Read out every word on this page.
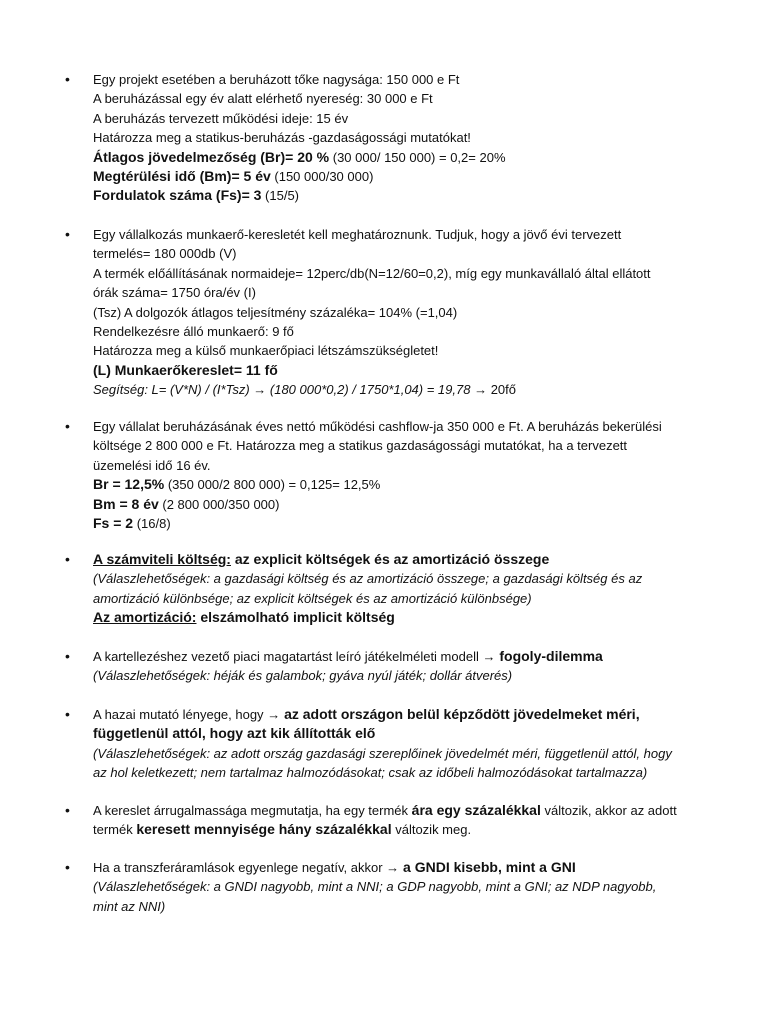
• Egy projekt esetében a beruházott tőke nagysága: 150 000 e Ft
A beruházással egy év alatt elérhető nyereség: 30 000 e Ft
A beruházás tervezett működési ideje: 15 év
Határozza meg a statikus-beruházás -gazdaságossági mutatókat!
Átlagos jövedelmezőség (Br)= 20 % (30 000/ 150 000) = 0,2= 20%
Megtérülési idő (Bm)= 5 év (150 000/30 000)
Fordulatok száma (Fs)= 3 (15/5)
• Egy vállalkozás munkaerő-keresletét kell meghatároznunk. Tudjuk, hogy a jövő évi tervezett
termelés= 180 000db (V)
A termék előállításának normaideje= 12perc/db(N=12/60=0,2), míg egy munkavállaló által ellátott
órák száma= 1750 óra/év (I)
(Tsz) A dolgozók átlagos teljesítmény százaléka= 104% (=1,04)
Rendelkezésre álló munkaerő: 9 fő
Határozza meg a külső munkaerőpiaci létszámszükségletet!
(L) Munkaerőkereslet= 11 fő
Segítség: L= (V*N) / (I*Tsz) → (180 000*0,2) / 1750*1,04) = 19,78 → 20fő
• Egy vállalat beruházásának éves nettó működési cashflow-ja 350 000 e Ft. A beruházás bekerülési
költsége 2 800 000 e Ft. Határozza meg a statikus gazdaságossági mutatókat, ha a tervezett
üzemelési idő 16 év.
Br = 12,5% (350 000/2 800 000) = 0,125= 12,5%
Bm = 8 év (2 800 000/350 000)
Fs = 2 (16/8)
• A számviteli költség: az explicit költségek és az amortizáció összege
(Válaszlehetőségek: a gazdasági költség és az amortizáció összege; a gazdasági költség és az
amortizáció különbsége; az explicit költségek és az amortizáció különbsége)
Az amortizáció: elszámolható implicit költség
• A kartellezéshez vezető piaci magatartást leíró játékelméleti modell → fogoly-dilemma
(Válaszlehetőségek: héják és galambok; gyáva nyúl játék; dollár átverés)
• A hazai mutató lényege, hogy → az adott országon belül képződött jövedelmeket méri,
függetlenül attól, hogy azt kik állították elő
(Válaszlehetőségek: az adott ország gazdasági szereplőinek jövedelmét méri, függetlenül attól, hogy
az hol keletkezett; nem tartalmaz halmozódásokat; csak az időbeli halmozódásokat tartalmazza)
• A kereslet árrugalmassága megmutatja, ha egy termék ára egy százalékkal változik, akkor az adott
termék keresett mennyisége hány százalékkal változik meg.
• Ha a transzferáramlások egyenlege negatív, akkor → a GNDI kisebb, mint a GNI
(Válaszlehetőségek: a GNDI nagyobb, mint a NNI; a GDP nagyobb, mint a GNI; az NDP nagyobb,
mint az NNI)
